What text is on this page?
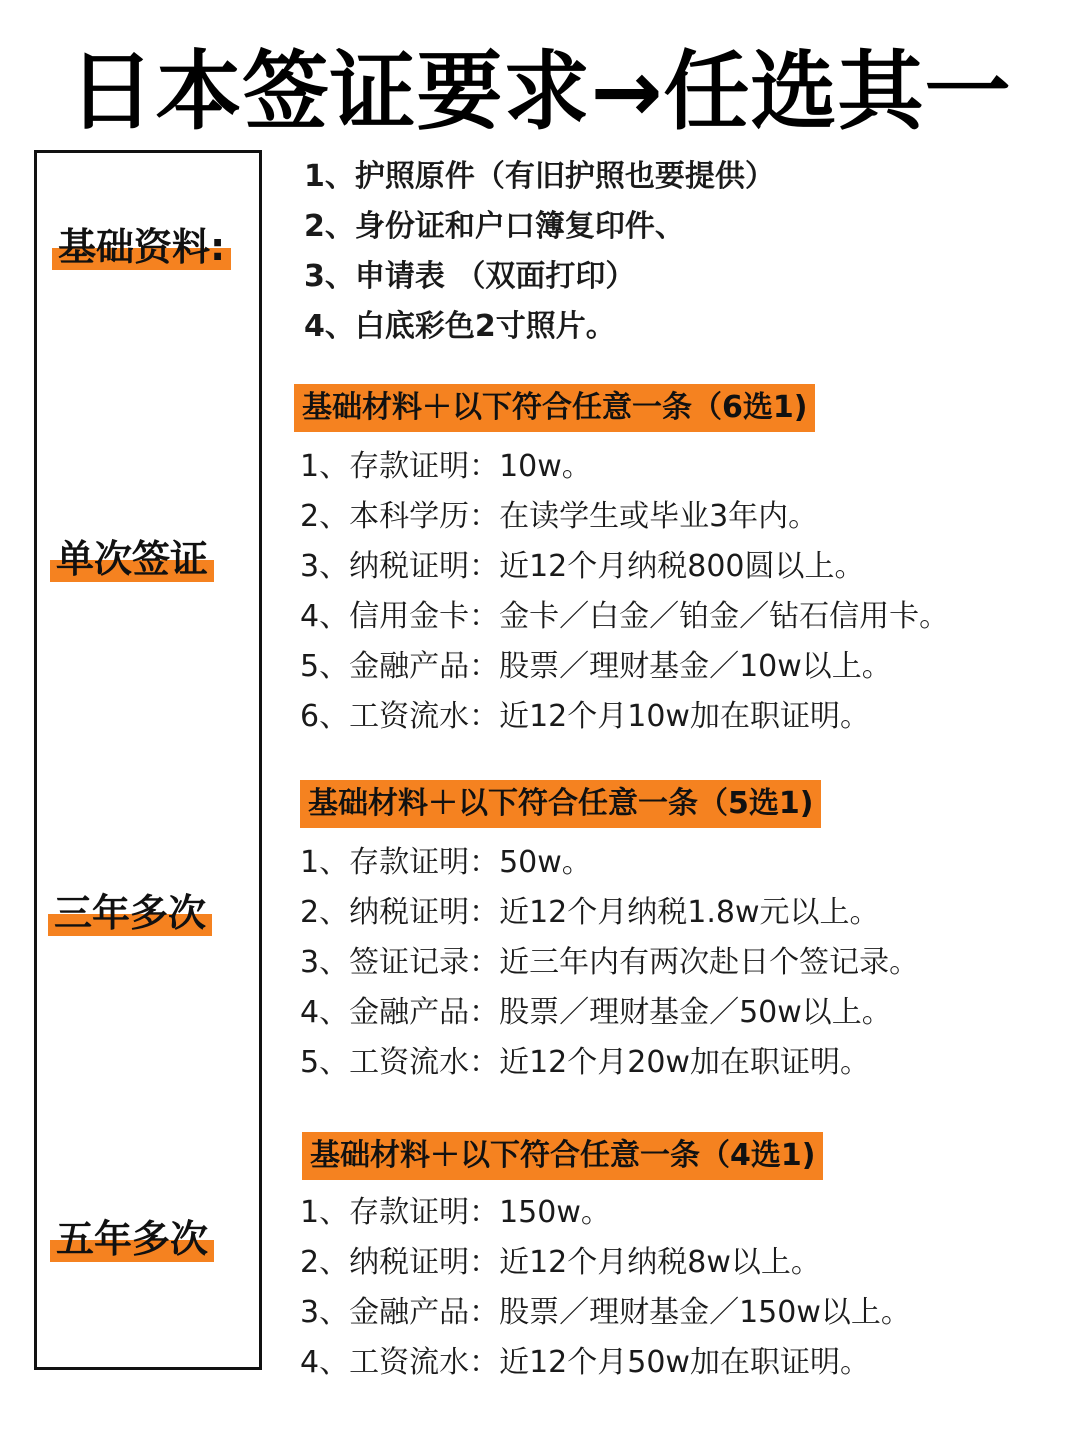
日本签证要求→任选其一
基础资料:
单次签证
三年多次
五年多次
1、护照原件（有旧护照也要提供）
2、身份证和户口簿复印件、
3、申请表 （双面打印）
4、白底彩色2寸照片。
基础材料＋以下符合任意一条（6选1)
1、存款证明：10w。
2、本科学历：在读学生或毕业3年内。
3、纳税证明：近12个月纳税800圆以上。
4、信用金卡：金卡／白金／铂金／钻石信用卡。
5、金融产品：股票／理财基金／10w以上。
6、工资流水：近12个月10w加在职证明。
基础材料＋以下符合任意一条（5选1)
1、存款证明：50w。
2、纳税证明：近12个月纳税1.8w元以上。
3、签证记录：近三年内有两次赴日个签记录。
4、金融产品：股票／理财基金／50w以上。
5、工资流水：近12个月20w加在职证明。
基础材料＋以下符合任意一条（4选1)
1、存款证明：150w。
2、纳税证明：近12个月纳税8w以上。
3、金融产品：股票／理财基金／150w以上。
4、工资流水：近12个月50w加在职证明。
